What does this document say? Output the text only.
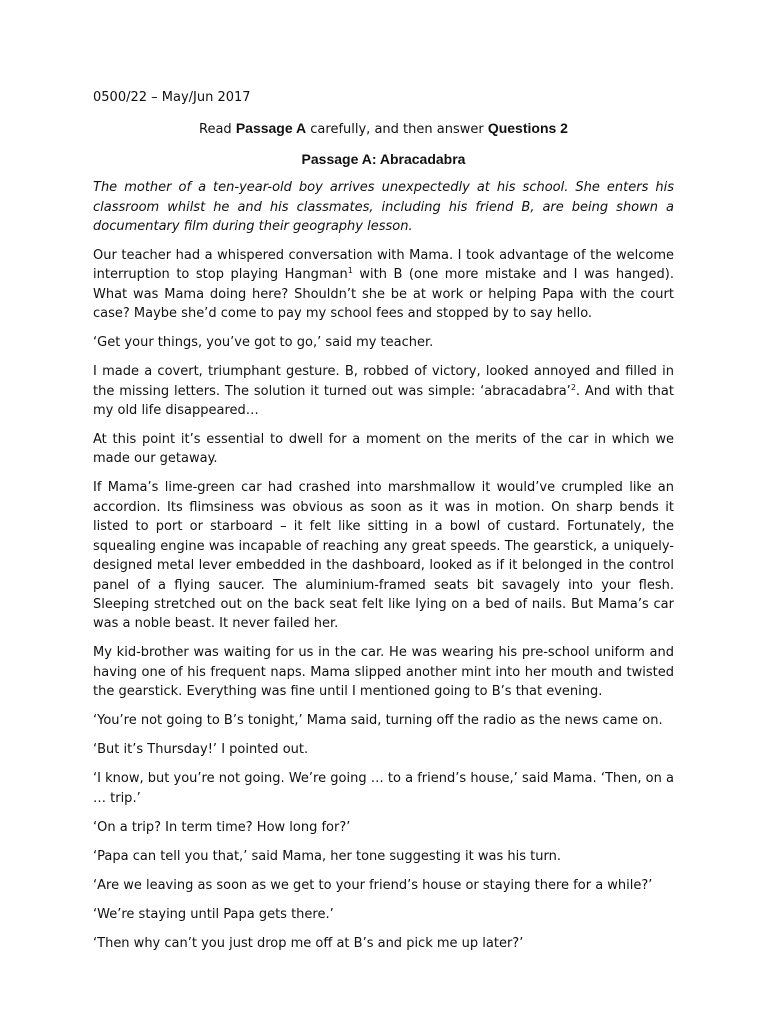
0500/22 – May/Jun 2017
Read Passage A carefully, and then answer Questions 2
Passage A: Abracadabra

The mother of a ten-year-old boy arrives unexpectedly at his school. She enters his classroom whilst he and his classmates, including his friend B, are being shown a documentary film during their geography lesson.

Our teacher had a whispered conversation with Mama. I took advantage of the welcome interruption to stop playing Hangman$^1$ with B (one more mistake and I was hanged). What was Mama doing here? Shouldn’t she be at work or helping Papa with the court case? Maybe she’d come to pay my school fees and stopped by to say hello.

‘Get your things, you’ve got to go,’ said my teacher.

I made a covert, triumphant gesture. B, robbed of victory, looked annoyed and filled in the missing letters. The solution it turned out was simple: ‘abracadabra’$^2$. And with that my old life disappeared…

At this point it’s essential to dwell for a moment on the merits of the car in which we made our getaway.

If Mama’s lime-green car had crashed into marshmallow it would’ve crumpled like an accordion. Its flimsiness was obvious as soon as it was in motion. On sharp bends it listed to port or starboard – it felt like sitting in a bowl of custard. Fortunately, the squealing engine was incapable of reaching any great speeds. The gearstick, a uniquely-designed metal lever embedded in the dashboard, looked as if it belonged in the control panel of a flying saucer. The aluminium-framed seats bit savagely into your flesh. Sleeping stretched out on the back seat felt like lying on a bed of nails. But Mama’s car was a noble beast. It never failed her.

My kid-brother was waiting for us in the car. He was wearing his pre-school uniform and having one of his frequent naps. Mama slipped another mint into her mouth and twisted the gearstick. Everything was fine until I mentioned going to B’s that evening.

‘You’re not going to B’s tonight,’ Mama said, turning off the radio as the news came on.

‘But it’s Thursday!’ I pointed out.

‘I know, but you’re not going. We’re going … to a friend’s house,’ said Mama. ‘Then, on a … trip.’

‘On a trip? In term time? How long for?’

‘Papa can tell you that,’ said Mama, her tone suggesting it was his turn.

‘Are we leaving as soon as we get to your friend’s house or staying there for a while?’

‘We’re staying until Papa gets there.’

‘Then why can’t you just drop me off at B’s and pick me up later?’
